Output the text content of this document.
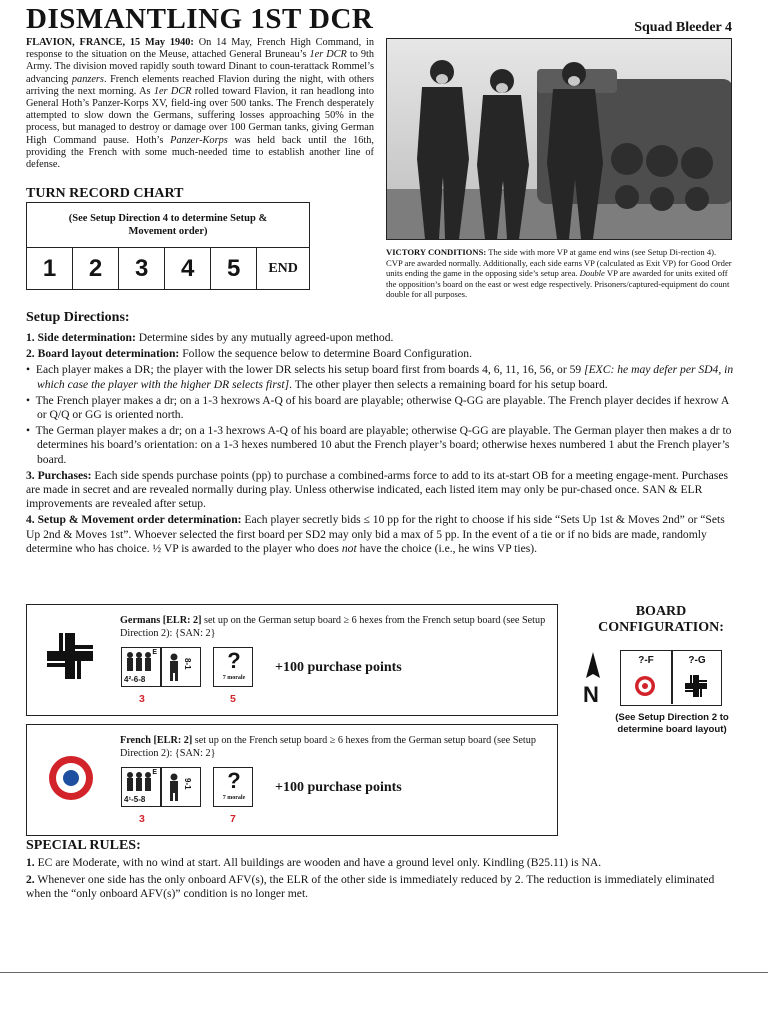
DISMANTLING 1ST DCR	Squad Bleeder 4
FLAVION, FRANCE, 15 May 1940: On 14 May, French High Command, in response to the situation on the Meuse, attached General Bruneau’s 1er DCR to 9th Army. The division moved rapidly south toward Dinant to coun-terattack Rommel’s advancing panzers. French elements reached Flavion during the night, with others arriving the next morning. As 1er DCR rolled toward Flavion, it ran headlong into General Hoth’s Panzer-Korps XV, field-ing over 500 tanks. The French desperately attempted to slow down the Germans, suffering losses approaching 50% in the process, but managed to destroy or damage over 100 German tanks, giving German High Command pause. Hoth’s Panzer-Korps was held back until the 16th, providing the French with some much-needed time to establish another line of defense.
TURN RECORD CHART
(See Setup Direction 4 to determine Setup & Movement order)
1	2	3	4	5	END
VICTORY CONDITIONS: The side with more VP at game end wins (see Setup Di-rection 4). CVP are awarded normally. Additionally, each side earns VP (calculated as Exit VP) for Good Order units ending the game in the opposing side’s setup area. Double VP are awarded for units exited off the opposition’s board on the east or west edge respectively. Prisoners/captured-equipment do count double for all purposes.
Setup Directions:

1. Side determination: Determine sides by any mutually agreed-upon method.

2. Board layout determination: Follow the sequence below to determine Board Configuration.

•  Each player makes a DR; the player with the lower DR selects his setup board first from boards 4, 6, 11, 16, 56, or 59 [EXC: he may defer per SD4, in which case the player with the higher DR selects first]. The other player then selects a remaining board for his setup board.

•  The French player makes a dr; on a 1-3 hexrows A-Q of his board are playable; otherwise Q-GG are playable. The French player decides if hexrow A or Q/Q or GG is oriented north.

•  The German player makes a dr; on a 1-3 hexrows A-Q of his board are playable; otherwise Q-GG are playable. The German player then makes a dr to determines his board’s orientation: on a 1-3 hexes numbered 10 abut the French player’s board; otherwise hexes numbered 1 abut the French player’s board.

3. Purchases: Each side spends purchase points (pp) to purchase a combined-arms force to add to its at-start OB for a meeting engage-ment. Purchases are made in secret and are revealed normally during play. Unless otherwise indicated, each listed item may only be pur-chased once. SAN & ELR improvements are revealed after setup.

4. Setup & Movement order determination: Each player secretly bids ≤ 10 pp for the right to choose if his side “Sets Up 1st & Moves 2nd” or “Sets Up 2nd & Moves 1st”. Whoever selected the first board per SD2 may only bid a max of 5 pp. In the event of a tie or if no bids are made, randomly determine who has choice. ½ VP is awarded to the player who does not have the choice (i.e., he wins VP ties).

Germans [ELR: 2] set up on the German setup board ≥ 6 hexes from the French setup board (see Setup Direction 2): {SAN: 2}
E
4²-6-8
8-1	?
7 morale
+100 purchase points
3	5
French [ELR: 2] set up on the French setup board ≥ 6 hexes from the German setup board (see Setup Direction 2): {SAN: 2}
E
4¹-5-8
9-1	?
7 morale
+100 purchase points
3	7
BOARD CONFIGURATION:
N
?-F	?-G
(See Setup Direction 2 to determine board layout)
SPECIAL RULES:

1. EC are Moderate, with no wind at start. All buildings are wooden and have a ground level only. Kindling (B25.11) is NA.

2. Whenever one side has the only onboard AFV(s), the ELR of the other side is immediately reduced by 2. The reduction is immediately eliminated when the “only onboard AFV(s)” condition is no longer met.
